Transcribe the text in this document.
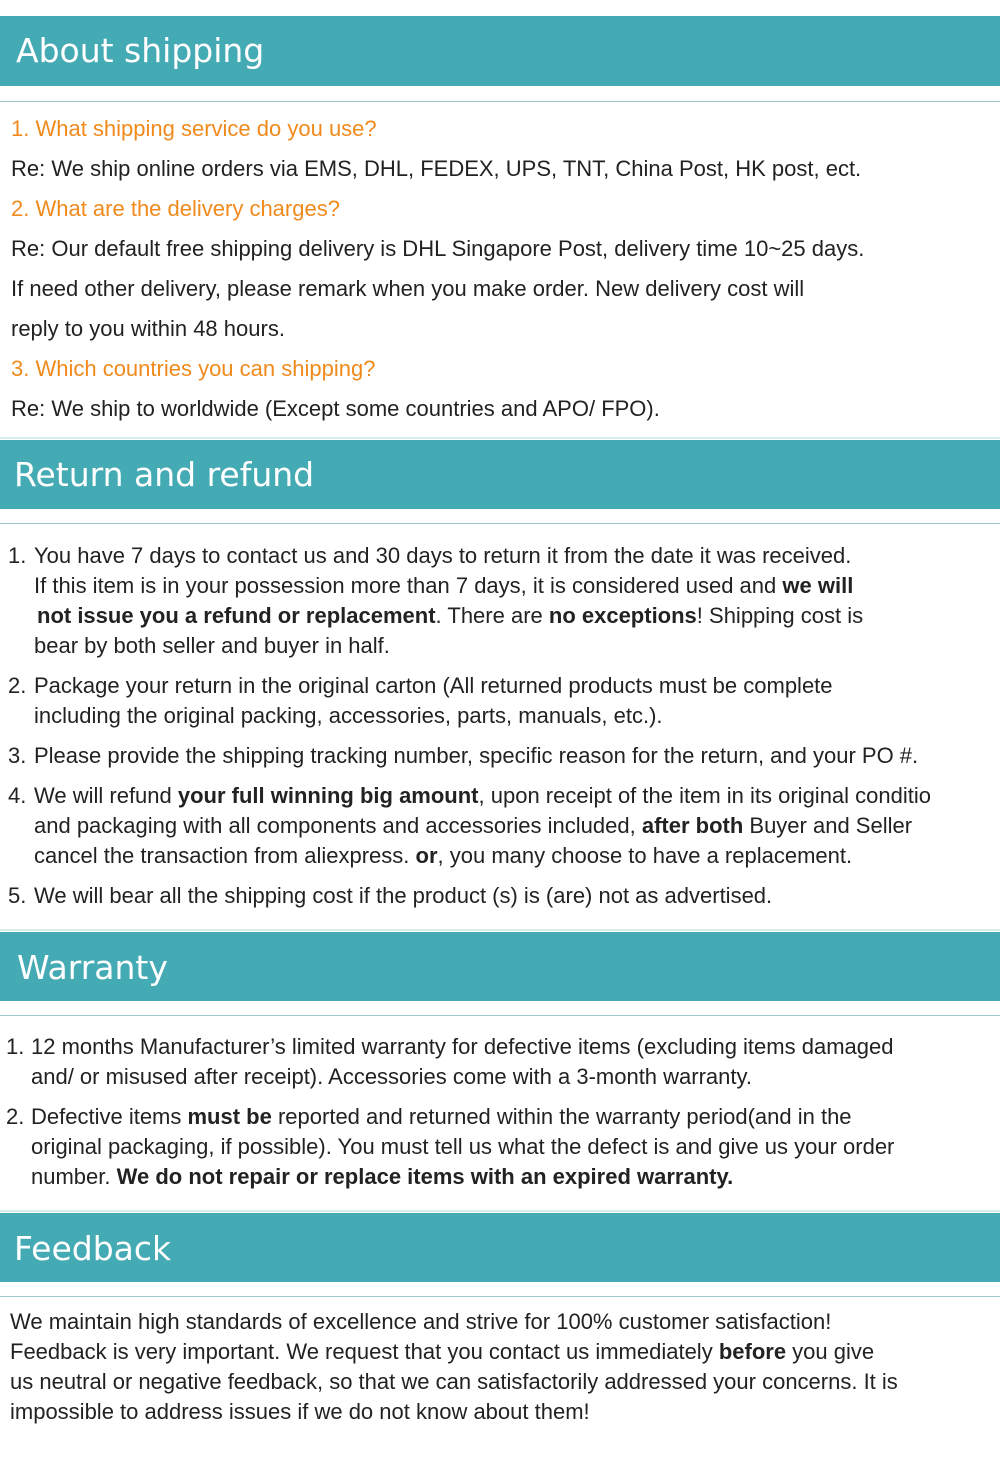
About shipping
1. What shipping service do you use?
Re: We ship online orders via EMS, DHL, FEDEX, UPS, TNT, China Post, HK post, ect.
2. What are the delivery charges?
Re: Our default free shipping delivery is DHL Singapore Post, delivery time 10~25 days.
If need other delivery, please remark when you make order. New delivery cost will
reply to you within 48 hours.
3. Which countries you can shipping?
Re: We ship to worldwide (Except some countries and APO/ FPO).
Return and refund
1. You have 7 days to contact us and 30 days to return it from the date it was received.
If this item is in your possession more than 7 days, it is considered used and we will
not issue you a refund or replacement. There are no exceptions! Shipping cost is
bear by both seller and buyer in half.
2. Package your return in the original carton (All returned products must be complete
including the original packing, accessories, parts, manuals, etc.).
3. Please provide the shipping tracking number, specific reason for the return, and your PO #.
4. We will refund your full winning big amount, upon receipt of the item in its original conditio
and packaging with all components and accessories included, after both Buyer and Seller
cancel the transaction from aliexpress. or, you many choose to have a replacement.
5. We will bear all the shipping cost if the product (s) is (are) not as advertised.
Warranty
1. 12 months Manufacturer’s limited warranty for defective items (excluding items damaged
and/ or misused after receipt). Accessories come with a 3-month warranty.
2. Defective items must be reported and returned within the warranty period(and in the
original packaging, if possible). You must tell us what the defect is and give us your order
number. We do not repair or replace items with an expired warranty.
Feedback
We maintain high standards of excellence and strive for 100% customer satisfaction!
Feedback is very important. We request that you contact us immediately before you give
us neutral or negative feedback, so that we can satisfactorily addressed your concerns. It is
impossible to address issues if we do not know about them!
